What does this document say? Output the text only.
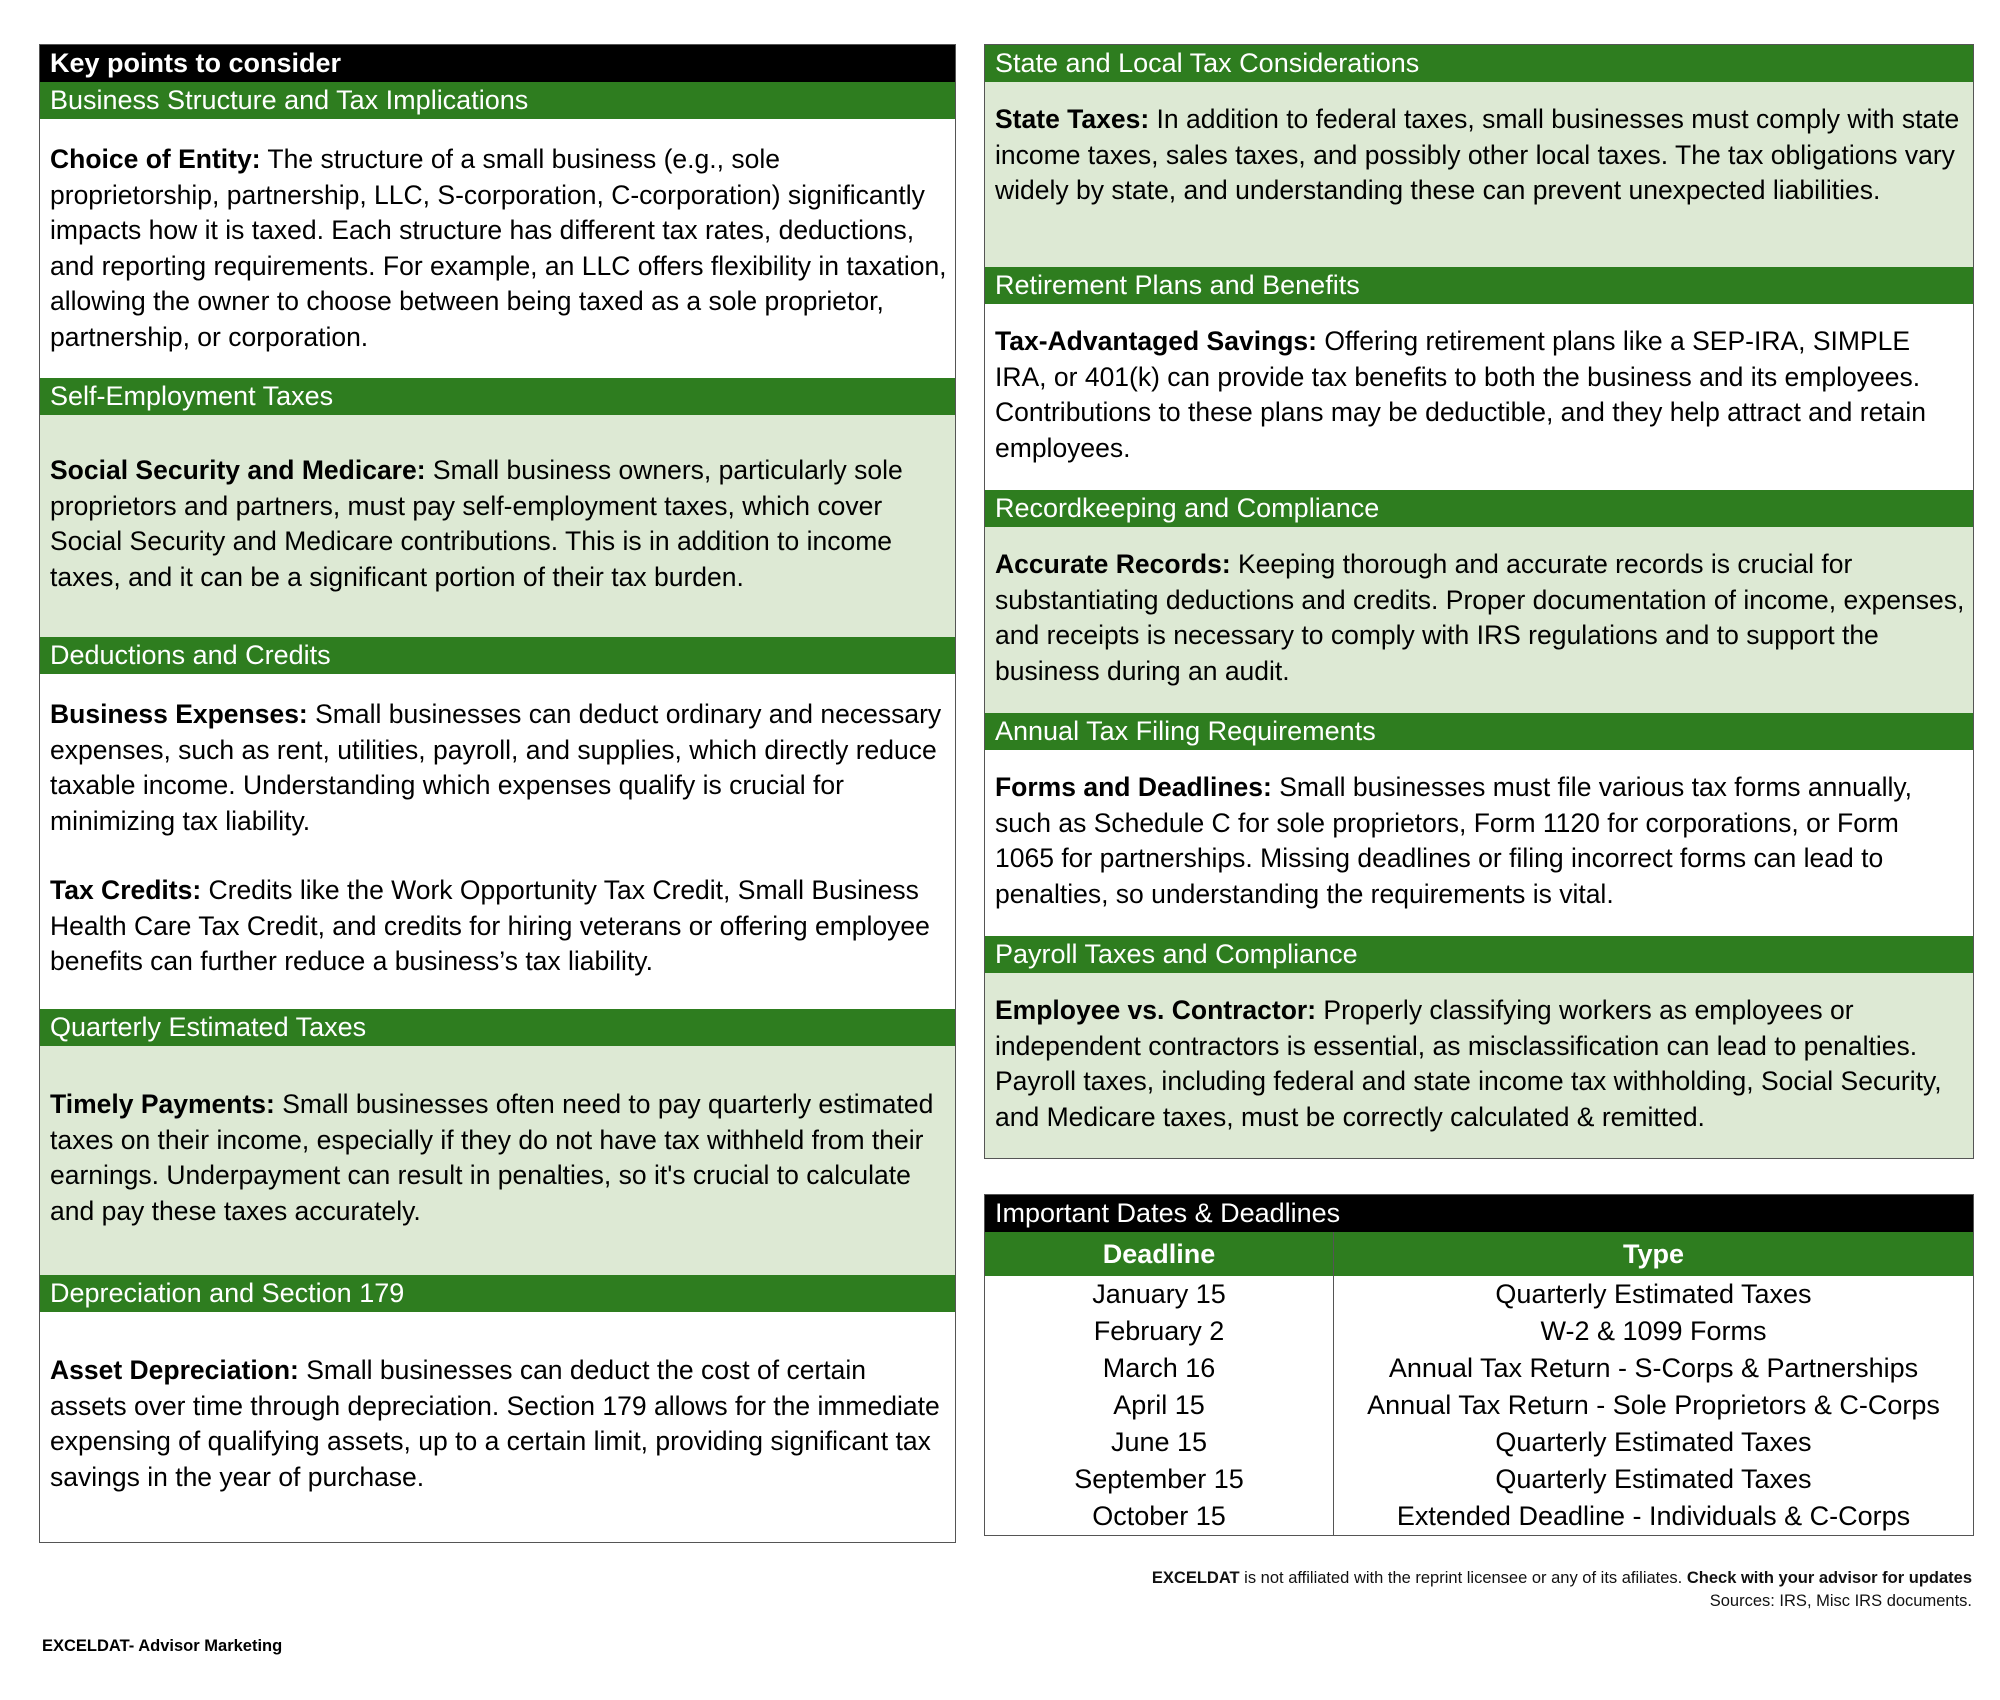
Key points to consider
Business Structure and Tax Implications

Choice of Entity: The structure of a small business (e.g., sole proprietorship, partnership, LLC, S-corporation, C-corporation) significantly impacts how it is taxed. Each structure has different tax rates, deductions, and reporting requirements. For example, an LLC offers flexibility in taxation, allowing the owner to choose between being taxed as a sole proprietor, partnership, or corporation.

Self-Employment Taxes

Social Security and Medicare: Small business owners, particularly sole proprietors and partners, must pay self-employment taxes, which cover Social Security and Medicare contributions. This is in addition to income taxes, and it can be a significant portion of their tax burden.

Deductions and Credits

Business Expenses: Small businesses can deduct ordinary and necessary expenses, such as rent, utilities, payroll, and supplies, which directly reduce taxable income. Understanding which expenses qualify is crucial for minimizing tax liability.

Tax Credits: Credits like the Work Opportunity Tax Credit, Small Business Health Care Tax Credit, and credits for hiring veterans or offering employee benefits can further reduce a business’s tax liability.

Quarterly Estimated Taxes

Timely Payments: Small businesses often need to pay quarterly estimated taxes on their income, especially if they do not have tax withheld from their earnings. Underpayment can result in penalties, so it's crucial to calculate and pay these taxes accurately.

Depreciation and Section 179

Asset Depreciation: Small businesses can deduct the cost of certain assets over time through depreciation. Section 179 allows for the immediate expensing of qualifying assets, up to a certain limit, providing significant tax savings in the year of purchase.

State and Local Tax Considerations

State Taxes: In addition to federal taxes, small businesses must comply with state income taxes, sales taxes, and possibly other local taxes. The tax obligations vary widely by state, and understanding these can prevent unexpected liabilities.

Retirement Plans and Benefits

Tax-Advantaged Savings: Offering retirement plans like a SEP-IRA, SIMPLE IRA, or 401(k) can provide tax benefits to both the business and its employees. Contributions to these plans may be deductible, and they help attract and retain employees.

Recordkeeping and Compliance

Accurate Records: Keeping thorough and accurate records is crucial for substantiating deductions and credits. Proper documentation of income, expenses, and receipts is necessary to comply with IRS regulations and to support the business during an audit.

Annual Tax Filing Requirements

Forms and Deadlines: Small businesses must file various tax forms annually, such as Schedule C for sole proprietors, Form 1120 for corporations, or Form 1065 for partnerships. Missing deadlines or filing incorrect forms can lead to penalties, so understanding the requirements is vital.

Payroll Taxes and Compliance

Employee vs. Contractor: Properly classifying workers as employees or independent contractors is essential, as misclassification can lead to penalties. Payroll taxes, including federal and state income tax withholding, Social Security, and Medicare taxes, must be correctly calculated & remitted.

Important Dates & Deadlines
Deadline	Type
January 15	Quarterly Estimated Taxes
February 2	W-2 & 1099 Forms
March 16	Annual Tax Return - S-Corps & Partnerships
April 15	Annual Tax Return - Sole Proprietors & C-Corps
June 15	Quarterly Estimated Taxes
September 15	Quarterly Estimated Taxes
October 15	Extended Deadline - Individuals & C-Corps
EXCELDAT is not affiliated with the reprint licensee or any of its afiliates. Check with your advisor for updates
Sources: IRS, Misc IRS documents.
EXCELDAT- Advisor Marketing
